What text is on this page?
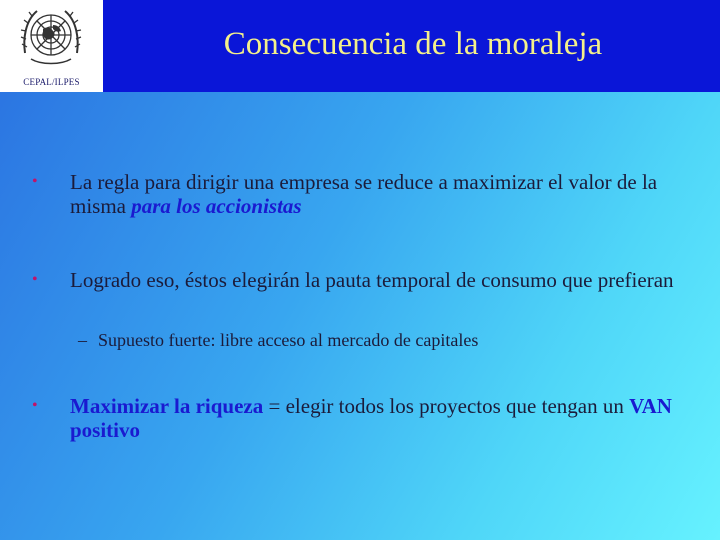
CEPAL/ILPES
Consecuencia de la moraleja
•	La regla para dirigir una empresa se reduce a maximizar el valor de la misma para los accionistas
•	Logrado eso, éstos elegirán la pauta temporal de consumo que prefieran
– Supuesto fuerte: libre acceso al mercado de capitales
•	Maximizar la riqueza = elegir todos los proyectos que tengan un VAN positivo
